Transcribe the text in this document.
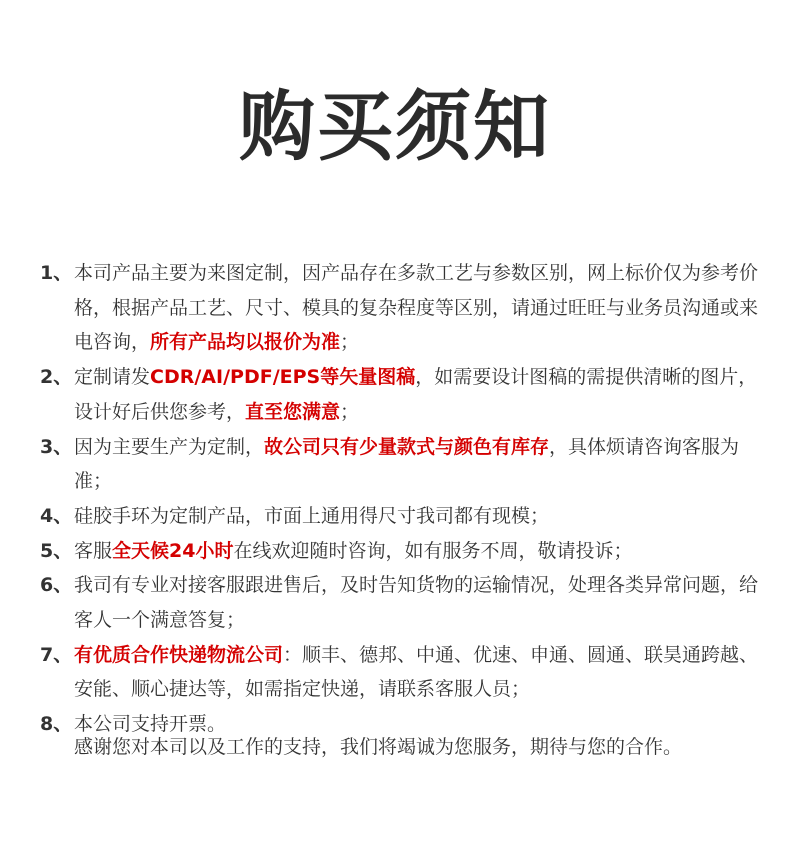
购买须知
1、 本司产品主要为来图定制，因产品存在多款工艺与参数区别，网上标价仅为参考价格，根据产品工艺、尺寸、模具的复杂程度等区别，请通过旺旺与业务员沟通或来电咨询，所有产品均以报价为准；
2、 定制请发CDR/AI/PDF/EPS等矢量图稿，如需要设计图稿的需提供清晰的图片，设计好后供您参考，直至您满意；
3、 因为主要生产为定制，故公司只有少量款式与颜色有库存，具体烦请咨询客服为准；
4、 硅胶手环为定制产品，市面上通用得尺寸我司都有现模；
5、 客服全天候24小时在线欢迎随时咨询，如有服务不周，敬请投诉；
6、 我司有专业对接客服跟进售后，及时告知货物的运输情况，处理各类异常问题，给客人一个满意答复；
7、 有优质合作快递物流公司：顺丰、德邦、中通、优速、申通、圆通、联昊通跨越、安能、顺心捷达等，如需指定快递，请联系客服人员；
8、 本公司支持开票。
感谢您对本司以及工作的支持，我们将竭诚为您服务，期待与您的合作。
